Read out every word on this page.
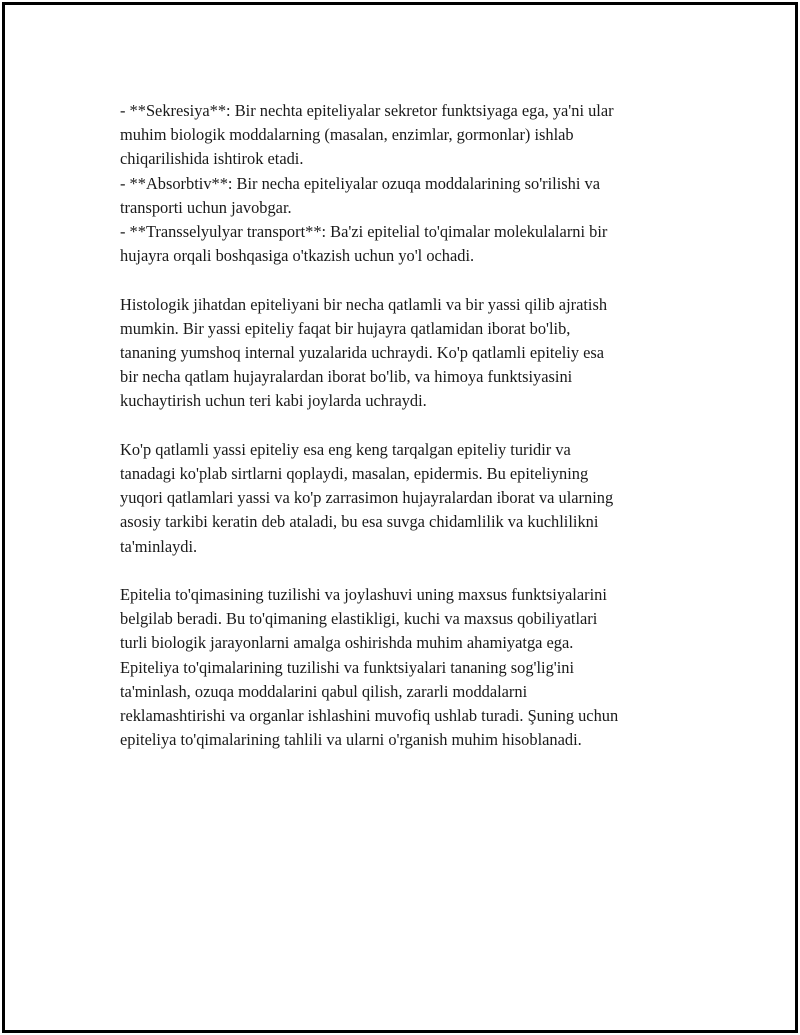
- **Sekresiya**: Bir nechta epiteliyalar sekretor funktsiyaga ega, ya'ni ular
muhim biologik moddalarning (masalan, enzimlar, gormonlar) ishlab
chiqarilishida ishtirok etadi.
- **Absorbtiv**: Bir necha epiteliyalar ozuqa moddalarining so'rilishi va
transporti uchun javobgar.
- **Transselyulyar transport**: Ba'zi epitelial to'qimalar molekulalarni bir
hujayra orqali boshqasiga o'tkazish uchun yo'l ochadi.
Histologik jihatdan epiteliyani bir necha qatlamli va bir yassi qilib ajratish
mumkin. Bir yassi epiteliy faqat bir hujayra qatlamidan iborat bo'lib,
tananing yumshoq internal yuzalarida uchraydi. Ko'p qatlamli epiteliy esa
bir necha qatlam hujayralardan iborat bo'lib, va himoya funktsiyasini
kuchaytirish uchun teri kabi joylarda uchraydi.
Ko'p qatlamli yassi epiteliy esa eng keng tarqalgan epiteliy turidir va
tanadagi ko'plab sirtlarni qoplaydi, masalan, epidermis. Bu epiteliyning
yuqori qatlamlari yassi va ko'p zarrasimon hujayralardan iborat va ularning
asosiy tarkibi keratin deb ataladi, bu esa suvga chidamlilik va kuchlilikni
ta'minlaydi.
Epitelia to'qimasining tuzilishi va joylashuvi uning maxsus funktsiyalarini
belgilab beradi. Bu to'qimaning elastikligi, kuchi va maxsus qobiliyatlari
turli biologik jarayonlarni amalga oshirishda muhim ahamiyatga ega.
Epiteliya to'qimalarining tuzilishi va funktsiyalari tananing sog'lig'ini
ta'minlash, ozuqa moddalarini qabul qilish, zararli moddalarni
reklamashtirishi va organlar ishlashini muvofiq ushlab turadi. Şuning uchun
epiteliya to'qimalarining tahlili va ularni o'rganish muhim hisoblanadi.
